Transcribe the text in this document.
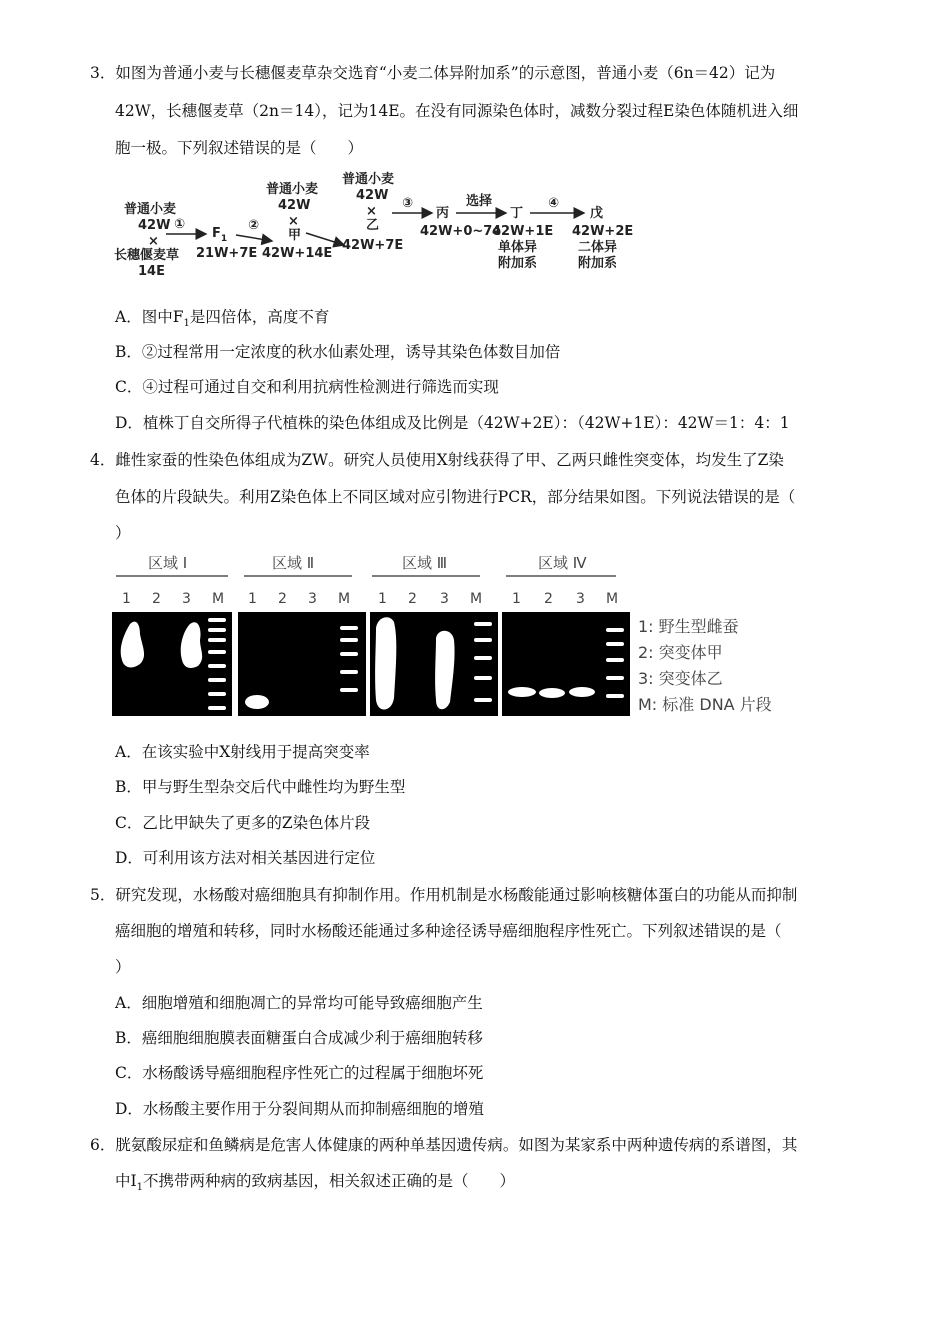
3．如图为普通小麦与长穗偃麦草杂交选育“小麦二体异附加系”的示意图，普通小麦（6n＝42）记为
42W，长穗偃麦草（2n＝14），记为14E。在没有同源染色体时，减数分裂过程E染色体随机进入细
胞一极。下列叙述错误的是（　　）
普通小麦
42W
×
长穗偃麦草
14E
①
$F_1$
21W+7E
②
普通小麦
42W
×
甲
42W+14E
普通小麦
42W
×
乙
42W+7E
③
丙
42W+0~7e
选择
丁
42W+1E
单体异
附加系
④
戊
42W+2E
二体异
附加系
A．图中$F_1$是四倍体，高度不育
B．②过程常用一定浓度的秋水仙素处理，诱导其染色体数目加倍
C．④过程可通过自交和利用抗病性检测进行筛选而实现
D．植株丁自交所得子代植株的染色体组成及比例是（42W+2E）：（42W+1E）：42W＝1：4：1
4．雌性家蚕的性染色体组成为ZW。研究人员使用X射线获得了甲、乙两只雌性突变体，均发生了Z染
色体的片段缺失。利用Z染色体上不同区域对应引物进行PCR，部分结果如图。下列说法错误的是（
）
区域 Ⅰ	区域 Ⅱ	区域 Ⅲ	区域 Ⅳ
1 2 3 M 1 2 3 M 1 2 3 M 1 2 3 M
1: 野生型雌蚕
2: 突变体甲
3: 突变体乙
M: 标准 DNA 片段
A．在该实验中X射线用于提高突变率
B．甲与野生型杂交后代中雌性均为野生型
C．乙比甲缺失了更多的Z染色体片段
D．可利用该方法对相关基因进行定位
5．研究发现，水杨酸对癌细胞具有抑制作用。作用机制是水杨酸能通过影响核糖体蛋白的功能从而抑制
癌细胞的增殖和转移，同时水杨酸还能通过多种途径诱导癌细胞程序性死亡。下列叙述错误的是（
）
A．细胞增殖和细胞凋亡的异常均可能导致癌细胞产生
B．癌细胞细胞膜表面糖蛋白合成减少利于癌细胞转移
C．水杨酸诱导癌细胞程序性死亡的过程属于细胞坏死
D．水杨酸主要作用于分裂间期从而抑制癌细胞的增殖
6．胱氨酸尿症和鱼鳞病是危害人体健康的两种单基因遗传病。如图为某家系中两种遗传病的系谱图，其
中$Ⅰ_1$不携带两种病的致病基因，相关叙述正确的是（　　）
